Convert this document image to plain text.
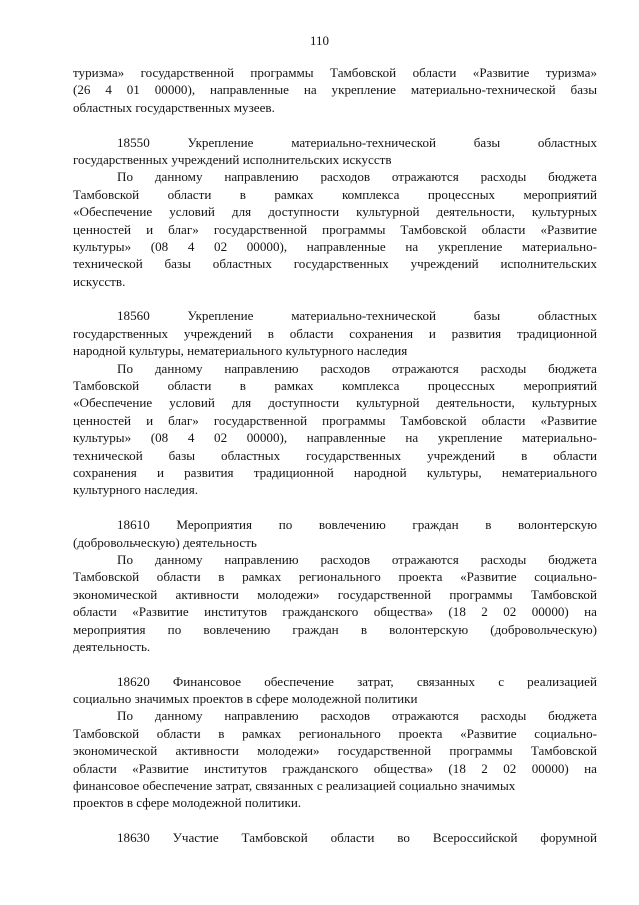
110
туризма» государственной программы Тамбовской области «Развитие туризма»
(26 4 01 00000), направленные на укрепление материально-технической базы
областных государственных музеев.
18550 Укрепление материально-технической базы областных
государственных учреждений исполнительских искусств
По данному направлению расходов отражаются расходы бюджета
Тамбовской области в рамках комплекса процессных мероприятий
«Обеспечение условий для доступности культурной деятельности, культурных
ценностей и благ» государственной программы Тамбовской области «Развитие
культуры» (08 4 02 00000), направленные на укрепление материально-
технической базы областных государственных учреждений исполнительских
искусств.
18560 Укрепление материально-технической базы областных
государственных учреждений в области сохранения и развития традиционной
народной культуры, нематериального культурного наследия
По данному направлению расходов отражаются расходы бюджета
Тамбовской области в рамках комплекса процессных мероприятий
«Обеспечение условий для доступности культурной деятельности, культурных
ценностей и благ» государственной программы Тамбовской области «Развитие
культуры» (08 4 02 00000), направленные на укрепление материально-
технической базы областных государственных учреждений в области
сохранения и развития традиционной народной культуры, нематериального
культурного наследия.
18610 Мероприятия по вовлечению граждан в волонтерскую
(добровольческую) деятельность
По данному направлению расходов отражаются расходы бюджета
Тамбовской области в рамках регионального проекта «Развитие социально-
экономической активности молодежи» государственной программы Тамбовской
области «Развитие институтов гражданского общества» (18 2 02 00000) на
мероприятия по вовлечению граждан в волонтерскую (добровольческую)
деятельность.
18620 Финансовое обеспечение затрат, связанных с реализацией
социально значимых проектов в сфере молодежной политики
По данному направлению расходов отражаются расходы бюджета
Тамбовской области в рамках регионального проекта «Развитие социально-
экономической активности молодежи» государственной программы Тамбовской
области «Развитие институтов гражданского общества» (18 2 02 00000) на
финансовое обеспечение затрат, связанных с реализацией социально значимых
проектов в сфере молодежной политики.
18630 Участие Тамбовской области во Всероссийской форумной
